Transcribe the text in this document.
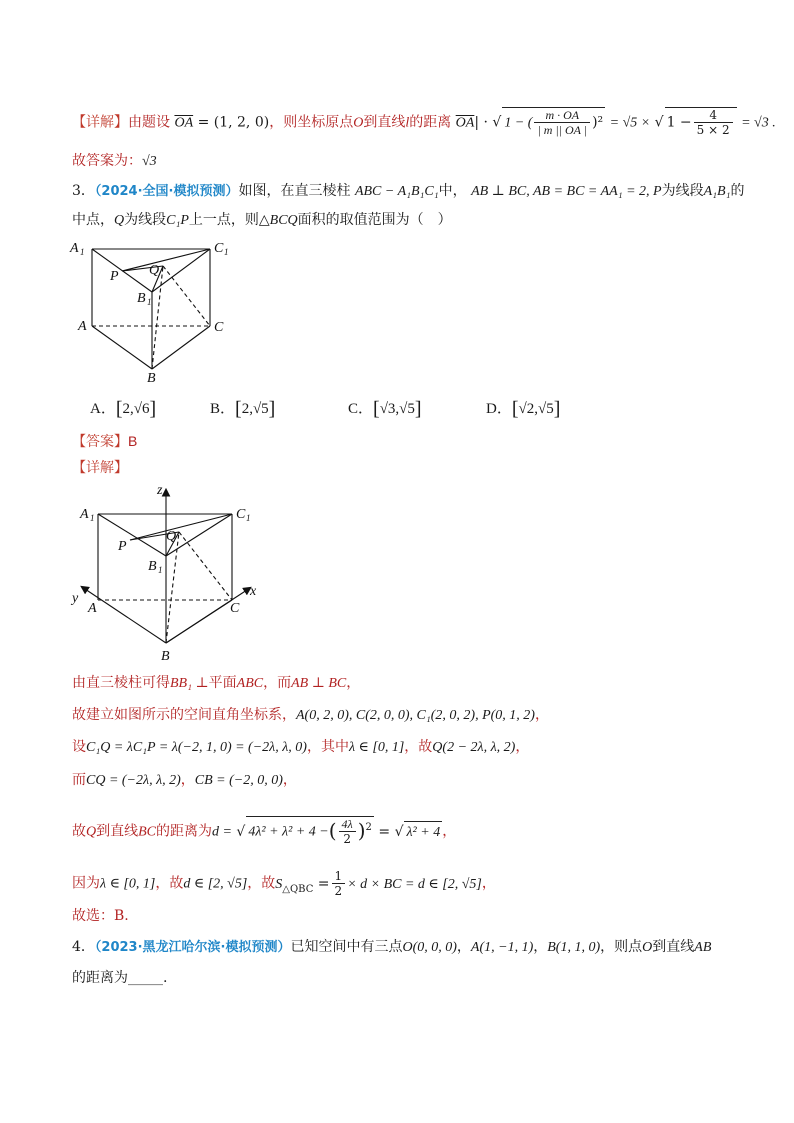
【详解】由题设 $\overline{OA} = (1$, 2, 0)，则坐标原点O到直线l的距离 $\overline{OA}|$ · √ 1 − ( $\frac{m \cdot OA}{| m || OA |} )^2 = √5$ × √ $1 - \frac{4}{5 \times 2} = √3$ .
故答案为：√3
3．（2024·全国·模拟预测）如图，在直三棱柱 ABC − A₁B₁C₁中， AB ⊥ BC, AB = BC = AA₁ = 2, P为线段A₁B₁的
中点，Q为线段C₁P上一点，则△BCQ面积的取值范围为（　）
A 1	C 1
P Q
B 1
A	C
B
A．[2,√6]	B．[2,√5]	C．[√3,√5]	D．[√2,√5]
【答案】B
【详解】
z
A 1	C 1
P
Q
B 1
y
A	C
x
B
由直三棱柱可得BB₁ ⊥平面ABC，而AB ⊥ BC，
故建立如图所示的空间直角坐标系，A(0, 2, 0), C(2, 0, 0), C₁(2, 0, 2), P(0, 1, 2)，
设C₁Q = λC₁P = λ(−2, 1, 0) = (−2λ, λ, 0)，其中λ ∈ [0, 1]，故Q(2 − 2λ, λ, 2)，
而CQ = (−2λ, λ, 2)，CB = (−2, 0, 0)，
故Q到直线BC的距离为d = √ 4λ² + λ² + 4 −( $\frac{4\lambda}{2} )^2$ = √ λ² + 4 ，
因为λ ∈ [0, 1]，故d ∈ [2, √5]，故$S_{\triangle QBC} = \frac{1}{2} \times d$ × BC = d ∈ [2, √5]，
故选：B.
4．（2023·黑龙江哈尔滨·模拟预测）已知空间中有三点O(0, 0, 0)，A(1, −1, 1)，B(1, 1, 0)，则点O到直线AB
的距离为_____.
